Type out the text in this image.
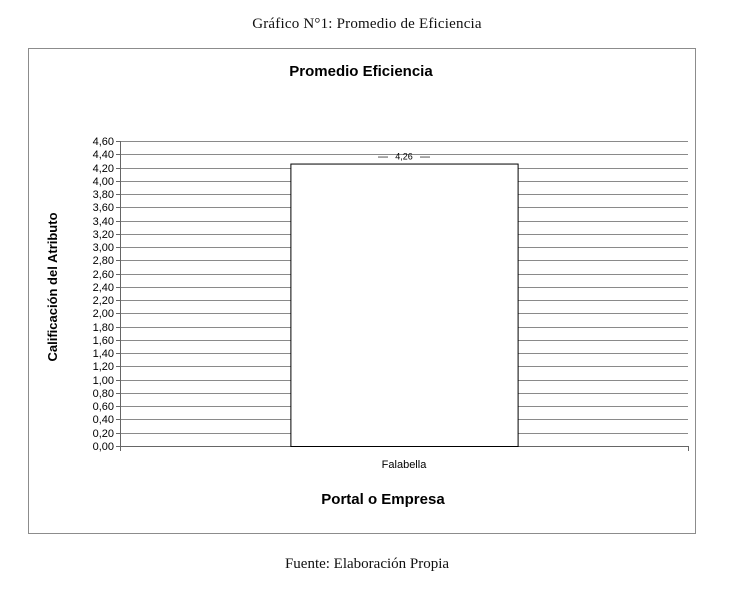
Gráfico N°1: Promedio de Eficiencia
0,00
0,20
0,40
0,60
0,80
1,00
1,20
1,40
1,60
1,80
2,00
2,20
2,40
2,60
2,80
3,00
3,20
3,40
3,60
3,80
4,00
4,20
4,40
4,60
Falabella
4,26
Promedio Eficiencia
Portal o Empresa
Calificación del Atributo
Fuente: Elaboración Propia
